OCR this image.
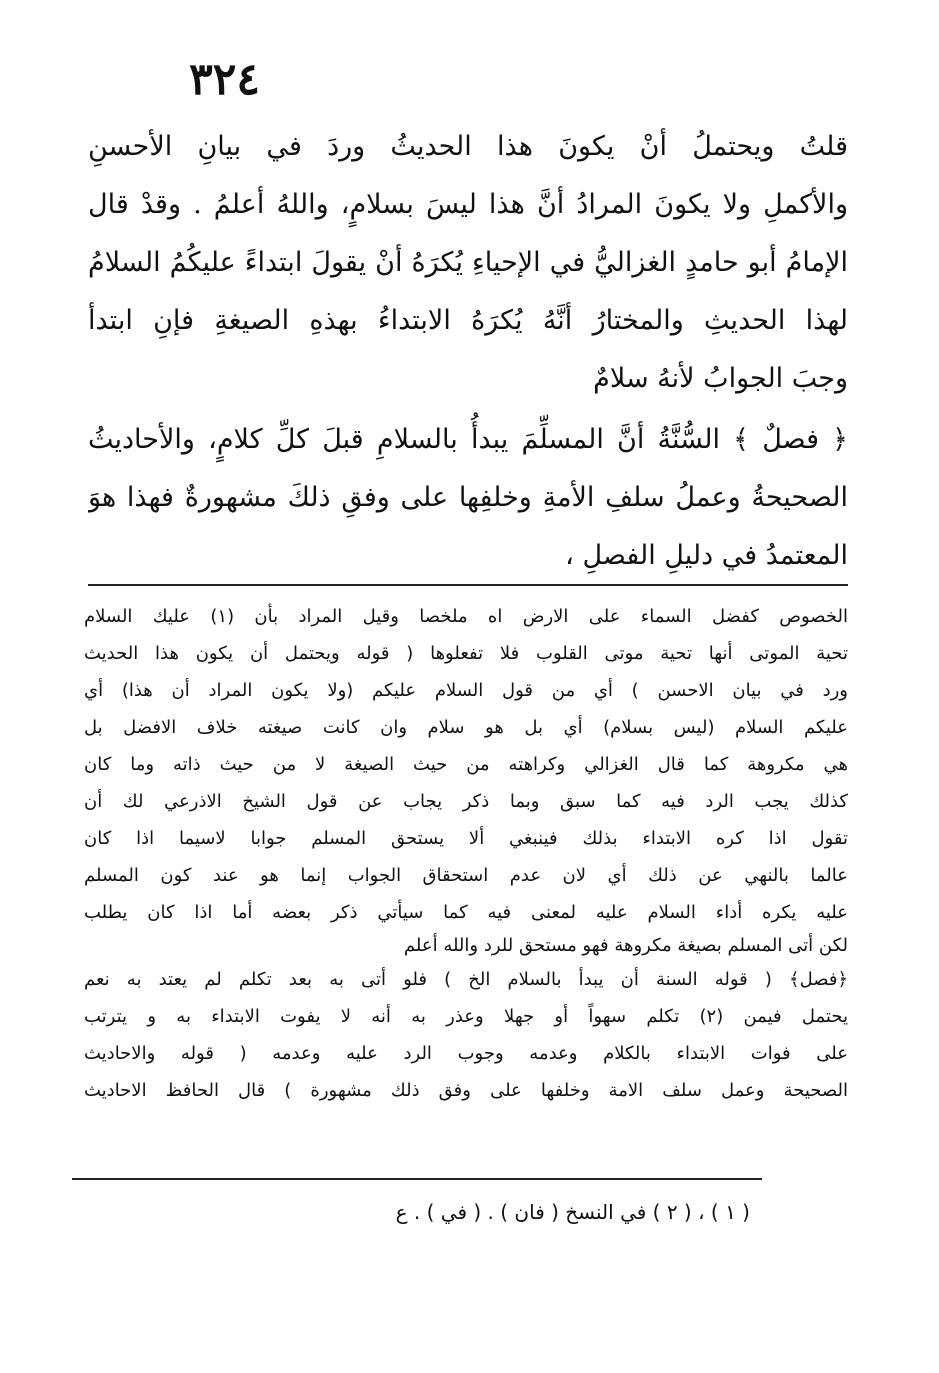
٣٢٤
قلتُ ويحتملُ أنْ يكونَ هذا الحديثُ وردَ في بيانِ الأحسنِ
والأكملِ ولا يكونَ المرادُ أنَّ هذا ليسَ بسلامٍ، واللهُ أعلمُ . وقدْ قال
الإمامُ أبو حامدٍ الغزاليُّ في الإحياءِ يُكرَهُ أنْ يقولَ ابتداءً عليكُمُ السلامُ
لهذا الحديثِ والمختارُ أنَّهُ يُكرَهُ الابتداءُ بهذهِ الصيغةِ فإنِ ابتدأ
وجبَ الجوابُ لأنهُ سلامٌ
﴿ فصلٌ ﴾ السُّنَّةُ أنَّ المسلِّمَ يبدأُ بالسلامِ قبلَ كلِّ كلامٍ، والأحاديثُ
الصحيحةُ وعملُ سلفِ الأمةِ وخلفِها على وفقِ ذلكَ مشهورةٌ فهذا هوَ
المعتمدُ في دليلِ الفصلِ ،
الخصوص كفضل السماء على الارض اه ملخصا وقيل المراد بأن (١) عليك السلام
تحية الموتى أنها تحية موتى القلوب فلا تفعلوها ( قوله ويحتمل أن يكون هذا الحديث
ورد في بيان الاحسن ) أي من قول السلام عليكم (ولا يكون المراد أن هذا) أي
عليكم السلام (ليس بسلام) أي بل هو سلام وان كانت صيغته خلاف الافضل بل
هي مكروهة كما قال الغزالي وكراهته من حيث الصيغة لا من حيث ذاته وما كان
كذلك يجب الرد فيه كما سبق وبما ذكر يجاب عن قول الشيخ الاذرعي لك أن
تقول اذا كره الابتداء بذلك فينبغي ألا يستحق المسلم جوابا لاسيما اذا كان
عالما بالنهي عن ذلك أي لان عدم استحقاق الجواب إنما هو عند كون المسلم
عليه يكره أداء السلام عليه لمعنى فيه كما سيأتي ذكر بعضه أما اذا كان يطلب
لكن أتى المسلم بصيغة مكروهة فهو مستحق للرد والله أعلم
﴿فصل﴾ ( قوله السنة أن يبدأ بالسلام الخ ) فلو أتى به بعد تكلم لم يعتد به نعم
يحتمل فيمن (٢) تكلم سهواً أو جهلا وعذر به أنه لا يفوت الابتداء به و يترتب
على فوات الابتداء بالكلام وعدمه وجوب الرد عليه وعدمه ( قوله والاحاديث
الصحيحة وعمل سلف الامة وخلفها على وفق ذلك مشهورة ) قال الحافظ الاحاديث
( ١ ) ، ( ٢ ) في النسخ ( فان ) . ( في ) . ع
